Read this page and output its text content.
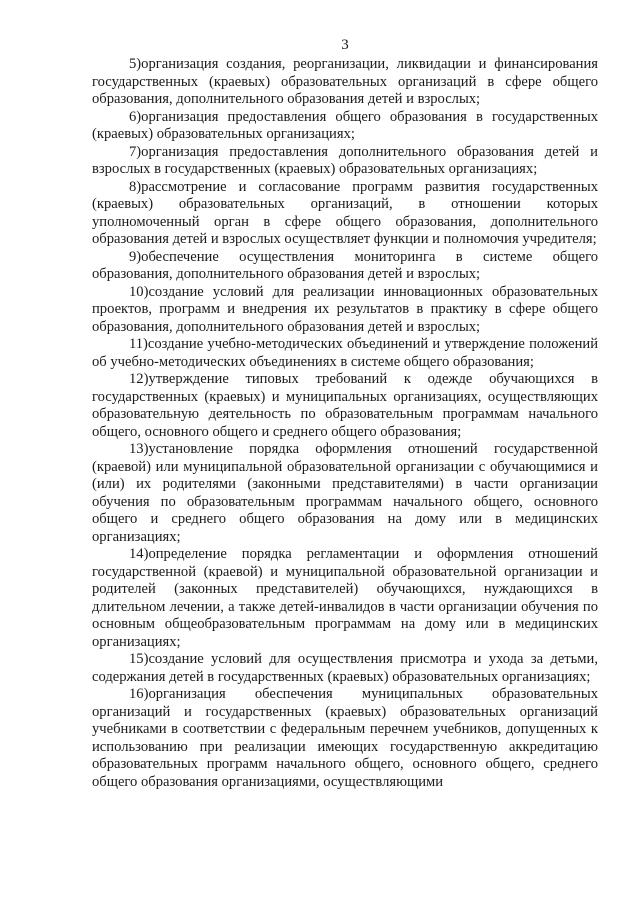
3

5)организация создания, реорганизации, ликвидации и финансирования государственных (краевых) образовательных организаций в сфере общего образования, дополнительного образования детей и взрослых;

6)организация предоставления общего образования в государственных (краевых) образовательных организациях;

7)организация предоставления дополнительного образования детей и взрослых в государственных (краевых) образовательных организациях;

8)рассмотрение и согласование программ развития государственных (краевых) образовательных организаций, в отношении которых уполномоченный орган в сфере общего образования, дополнительного образования детей и взрослых осуществляет функции и полномочия учредителя;

9)обеспечение осуществления мониторинга в системе общего образования, дополнительного образования детей и взрослых;

10)создание условий для реализации инновационных образовательных проектов, программ и внедрения их результатов в практику в сфере общего образования, дополнительного образования детей и взрослых;

11)создание учебно-методических объединений и утверждение положений об учебно-методических объединениях в системе общего образования;

12)утверждение типовых требований к одежде обучающихся в государственных (краевых) и муниципальных организациях, осуществляющих образовательную деятельность по образовательным программам начального общего, основного общего и среднего общего образования;

13)установление порядка оформления отношений государственной (краевой) или муниципальной образовательной организации с обучающимися и (или) их родителями (законными представителями) в части организации обучения по образовательным программам начального общего, основного общего и среднего общего образования на дому или в медицинских организациях;

14)определение порядка регламентации и оформления отношений государственной (краевой) и муниципальной образовательной организации и родителей (законных представителей) обучающихся, нуждающихся в длительном лечении, а также детей-инвалидов в части организации обучения по основным общеобразовательным программам на дому или в медицинских организациях;

15)создание условий для осуществления присмотра и ухода за детьми, содержания детей в государственных (краевых) образовательных организациях;

16)организация обеспечения муниципальных образовательных организаций и государственных (краевых) образовательных организаций учебниками в соответствии с федеральным перечнем учебников, допущенных к использованию при реализации имеющих государственную аккредитацию образовательных программ начального общего, основного общего, среднего общего образования организациями, осуществляющими
